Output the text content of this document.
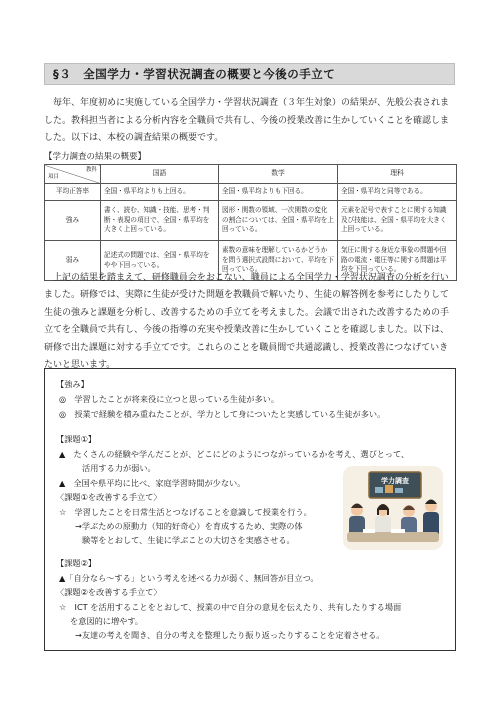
§３　全国学力・学習状況調査の概要と今後の手立て

毎年、年度初めに実施している全国学力・学習状況調査（３年生対象）の結果が、先般公表されました。教科担当者による分析内容を全職員で共有し、今後の授業改善に生かしていくことを確認しました。以下は、本校の調査結果の概要です。

【学力調査の結果の概要】
教科
項目	国語	数学	理科
平均正答率	全国・県平均よりも上回る。	全国・県平均よりも下回る。	全国・県平均と同等である。
強み	書く、読む、知識・技能、思考・判断・表現の項目で、全国・県平均を大きく上回っている。	図形・関数の領域、一次関数の変化の割合については、全国・県平均を上回っている。	元素を記号で表すことに関する知識及び技能は、全国・県平均を大きく上回っている。
弱み	記述式の問題では、全国・県平均をやや下回っている。	素数の意味を理解しているかどうかを問う選択式設問において、平均を下回っている。	気圧に関する身近な事象の問題や回路の電流・電圧等に関する問題は平均を下回っている。

上記の結果を踏まえて、研修職員会をおこない、職員による全国学力・学習状況調査の分析を行いました。研修では、実際に生徒が受けた問題を教職員で解いたり、生徒の解答例を参考にしたりして生徒の強みと課題を分析し、改善するための手立てを考えました。会議で出された改善するための手立てを全職員で共有し、今後の指導の充実や授業改善に生かしていくことを確認しました。以下は、研修で出た課題に対する手立てです。これらのことを職員間で共通認識し、授業改善につなげていきたいと思います。

【強み】
◎　学習したことが将来役に立つと思っている生徒が多い。
◎　授業で経験を積み重ねたことが、学力として身についたと実感している生徒が多い。
【課題①】
▲　たくさんの経験や学んだことが、どこにどのようにつながっているかを考え、選びとって、
活用する力が弱い。
▲　全国や県平均に比べ、家庭学習時間が少ない。
〈課題①を改善する手立て〉
☆　学習したことを日常生活とつなげることを意識して授業を行う。
→学ぶための原動力（知的好奇心）を育成するため、実際の体
験等をとおして、生徒に学ぶことの大切さを実感させる。
【課題②】
▲「自分なら～する」という考えを述べる力が弱く、無回答が目立つ。
〈課題②を改善する手立て〉
☆　ICT を活用することをとおして、授業の中で自分の意見を伝えたり、共有したりする場面
を意図的に増やす。
→友達の考えを聞き、自分の考えを整理したり振り返ったりすることを定着させる。
学力調査
